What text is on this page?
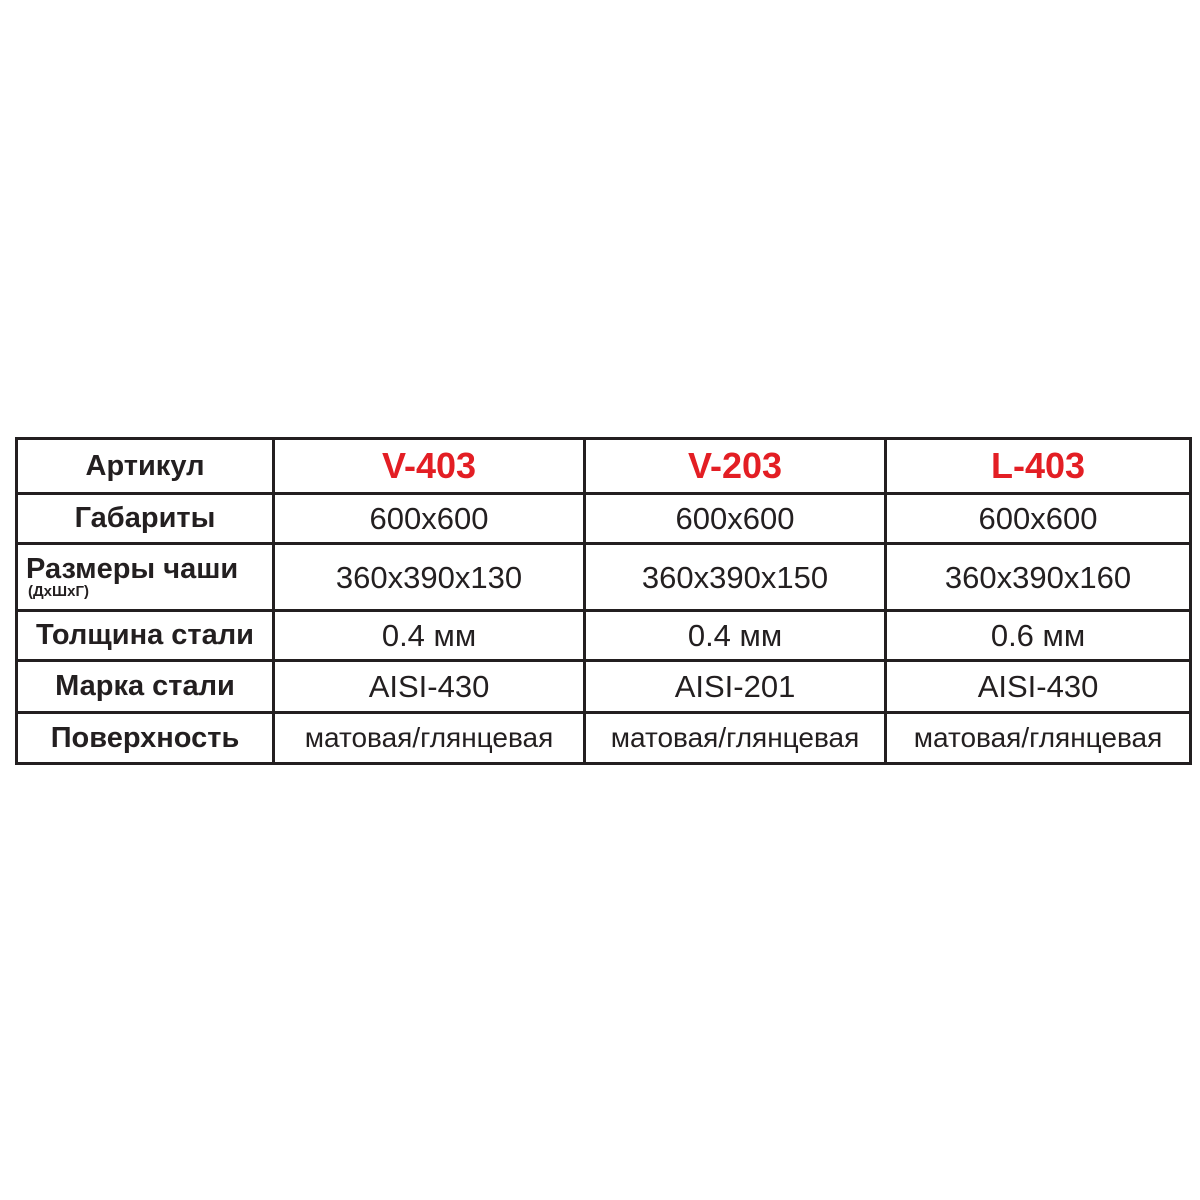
Артикул	V-403	V-203	L-403
Габариты	600x600	600x600	600x600

Размеры чаши
(ДхШхГ)	360x390x130	360x390x150	360x390x160
Толщина стали	0.4 мм	0.4 мм	0.6 мм
Марка стали	AISI-430	AISI-201	AISI-430
Поверхность	матовая/глянцевая	матовая/глянцевая	матовая/глянцевая
